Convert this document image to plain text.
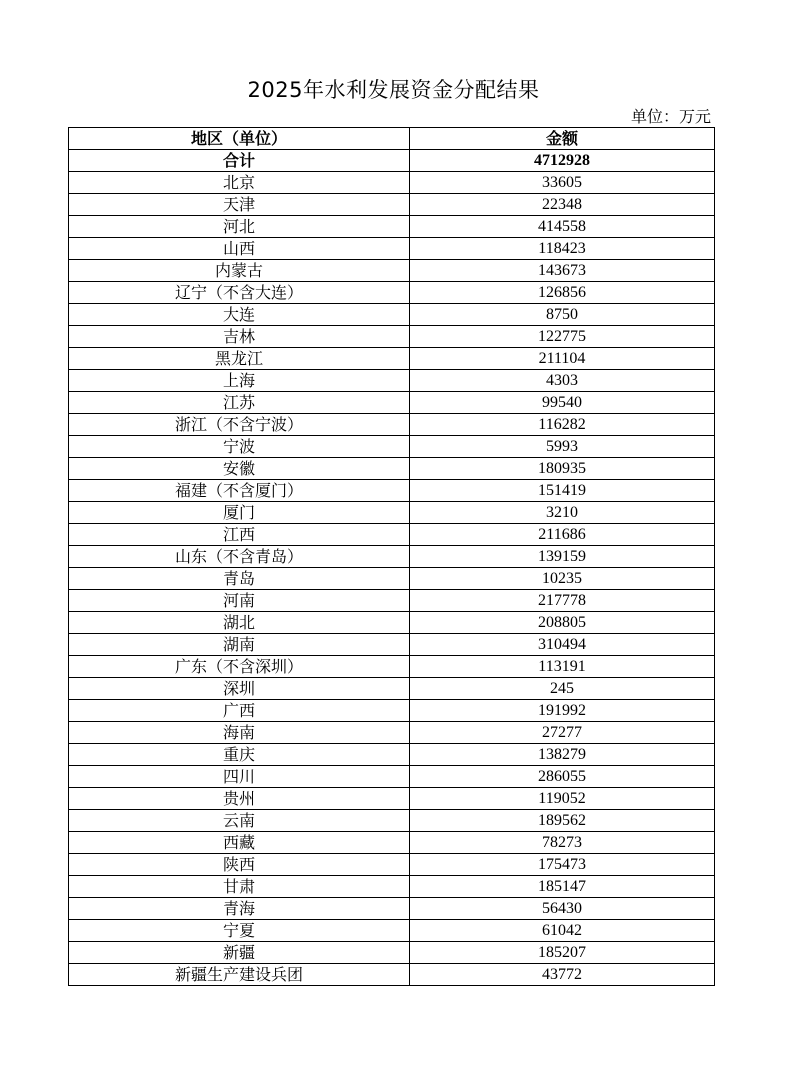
2025年水利发展资金分配结果
单位：万元
地区（单位）	金额
合计	4712928
北京	33605
天津	22348
河北	414558
山西	118423
内蒙古	143673
辽宁（不含大连）	126856
大连	8750
吉林	122775
黑龙江	211104
上海	4303
江苏	99540
浙江（不含宁波）	116282
宁波	5993
安徽	180935
福建（不含厦门）	151419
厦门	3210
江西	211686
山东（不含青岛）	139159
青岛	10235
河南	217778
湖北	208805
湖南	310494
广东（不含深圳）	113191
深圳	245
广西	191992
海南	27277
重庆	138279
四川	286055
贵州	119052
云南	189562
西藏	78273
陕西	175473
甘肃	185147
青海	56430
宁夏	61042
新疆	185207
新疆生产建设兵团	43772
